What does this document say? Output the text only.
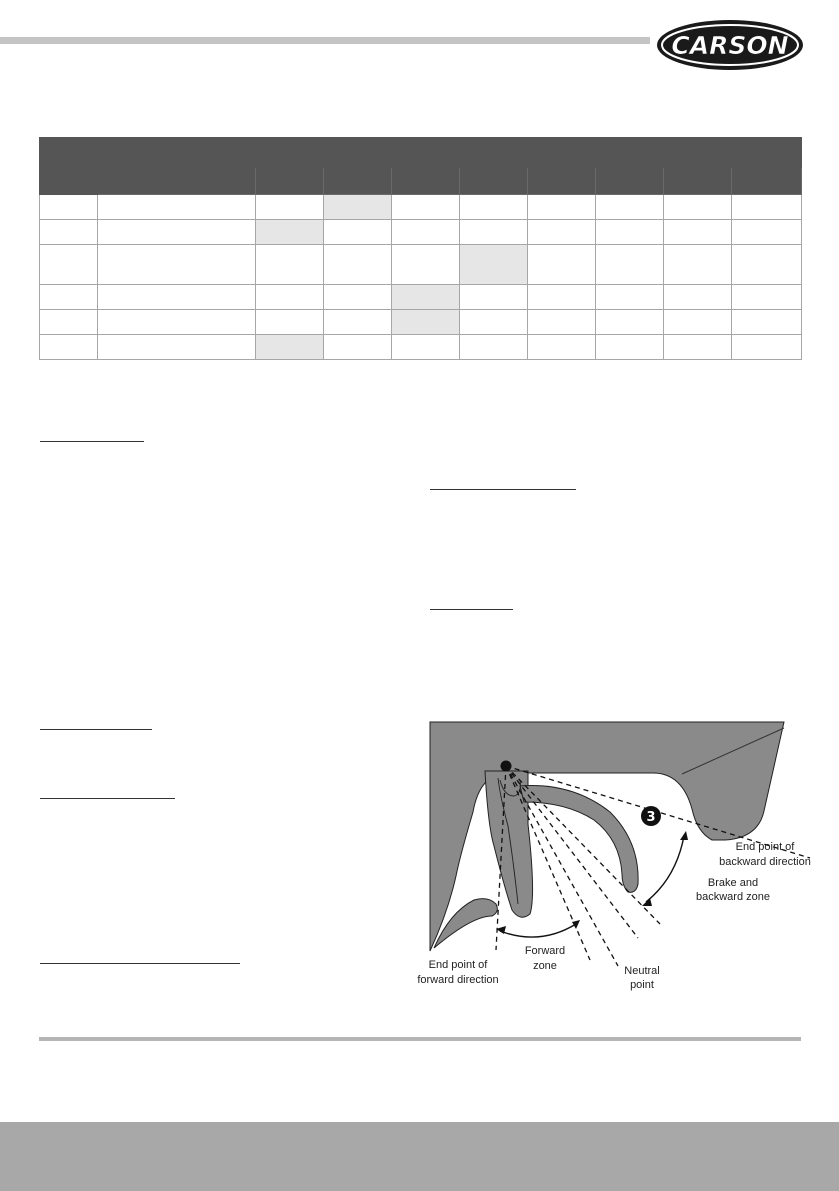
CARSON

3
End point of
backward direction
Brake and
backward zone
Forward
zone	Neutral
point
End point of
forward direction
